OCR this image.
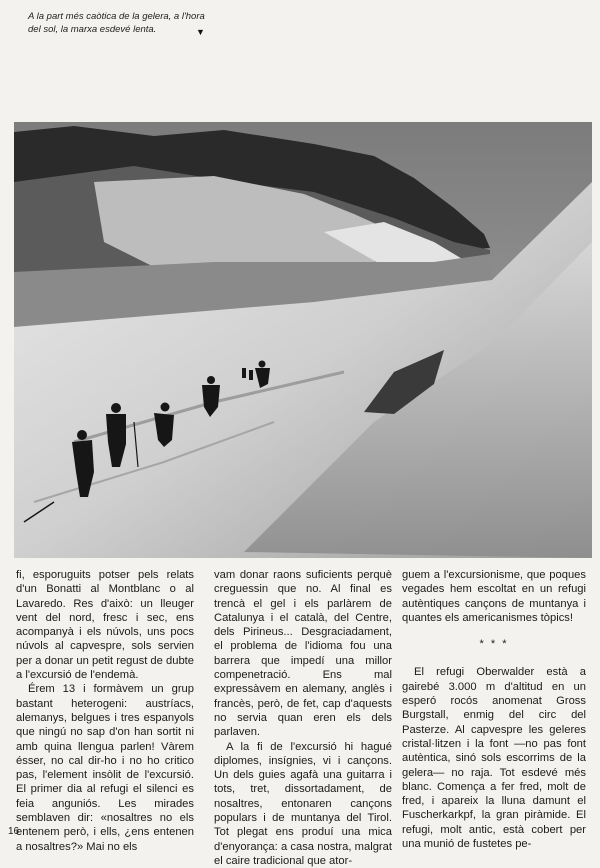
A la part més caòtica de la gelera, a l'hora del sol, la marxa esdevé lenta.	▼

fi, esporuguits potser pels relats d'un Bonatti al Montblanc o al Lavaredo. Res d'això: un lleuger vent del nord, fresc i sec, ens acompanyà i els núvols, uns pocs núvols al capvespre, sols servien per a donar un petit regust de dubte a l'excursió de l'endemà.

Érem 13 i formàvem un grup bastant heterogeni: austríacs, alemanys, belgues i tres espanyols que ningú no sap d'on han sortit ni amb quina llengua parlen! Vàrem ésser, no cal dir-ho i no ho critico pas, l'element insòlit de l'excursió. El primer dia al refugi el silenci es feia anguniós. Les mirades semblaven dir: «nosaltres no els entenem però, i ells, ¿ens entenen a nosaltres?» Mai no els

vam donar raons suficients perquè creguessin que no. Al final es trencà el gel i els parlàrem de Catalunya i el català, del Centre, dels Pirineus... Desgraciadament, el problema de l'idioma fou una barrera que impedí una millor compenetració. Ens mal expressàvem en alemany, anglès i francès, però, de fet, cap d'aquests no servia quan eren els dels parlaven.

A la fi de l'excursió hi hagué diplomes, insígnies, vi i cançons. Un dels guies agafà una guitarra i tots, tret, dissortadament, de nosaltres, entonaren cançons populars i de muntanya del Tirol. Tot plegat ens produí una mica d'enyorança: a casa nostra, malgrat el caire tradicional que ator-

guem a l'excursionisme, que poques vegades hem escoltat en un refugi autèntiques cançons de muntanya i quantes els americanismes tòpics!

* * *

El refugi Oberwalder està a gairebé 3.000 m d'altitud en un esperó rocós anomenat Gross Burgstall, enmig del circ del Pasterze. Al capvespre les geleres cristal·litzen i la font —no pas font autèntica, sinó sols escorrims de la gelera— no raja. Tot esdevé més blanc. Comença a fer fred, molt de fred, i apareix la lluna damunt el Fuscherkarkpf, la gran piràmide. El refugi, molt antic, està cobert per una munió de fustetes pe-

16
